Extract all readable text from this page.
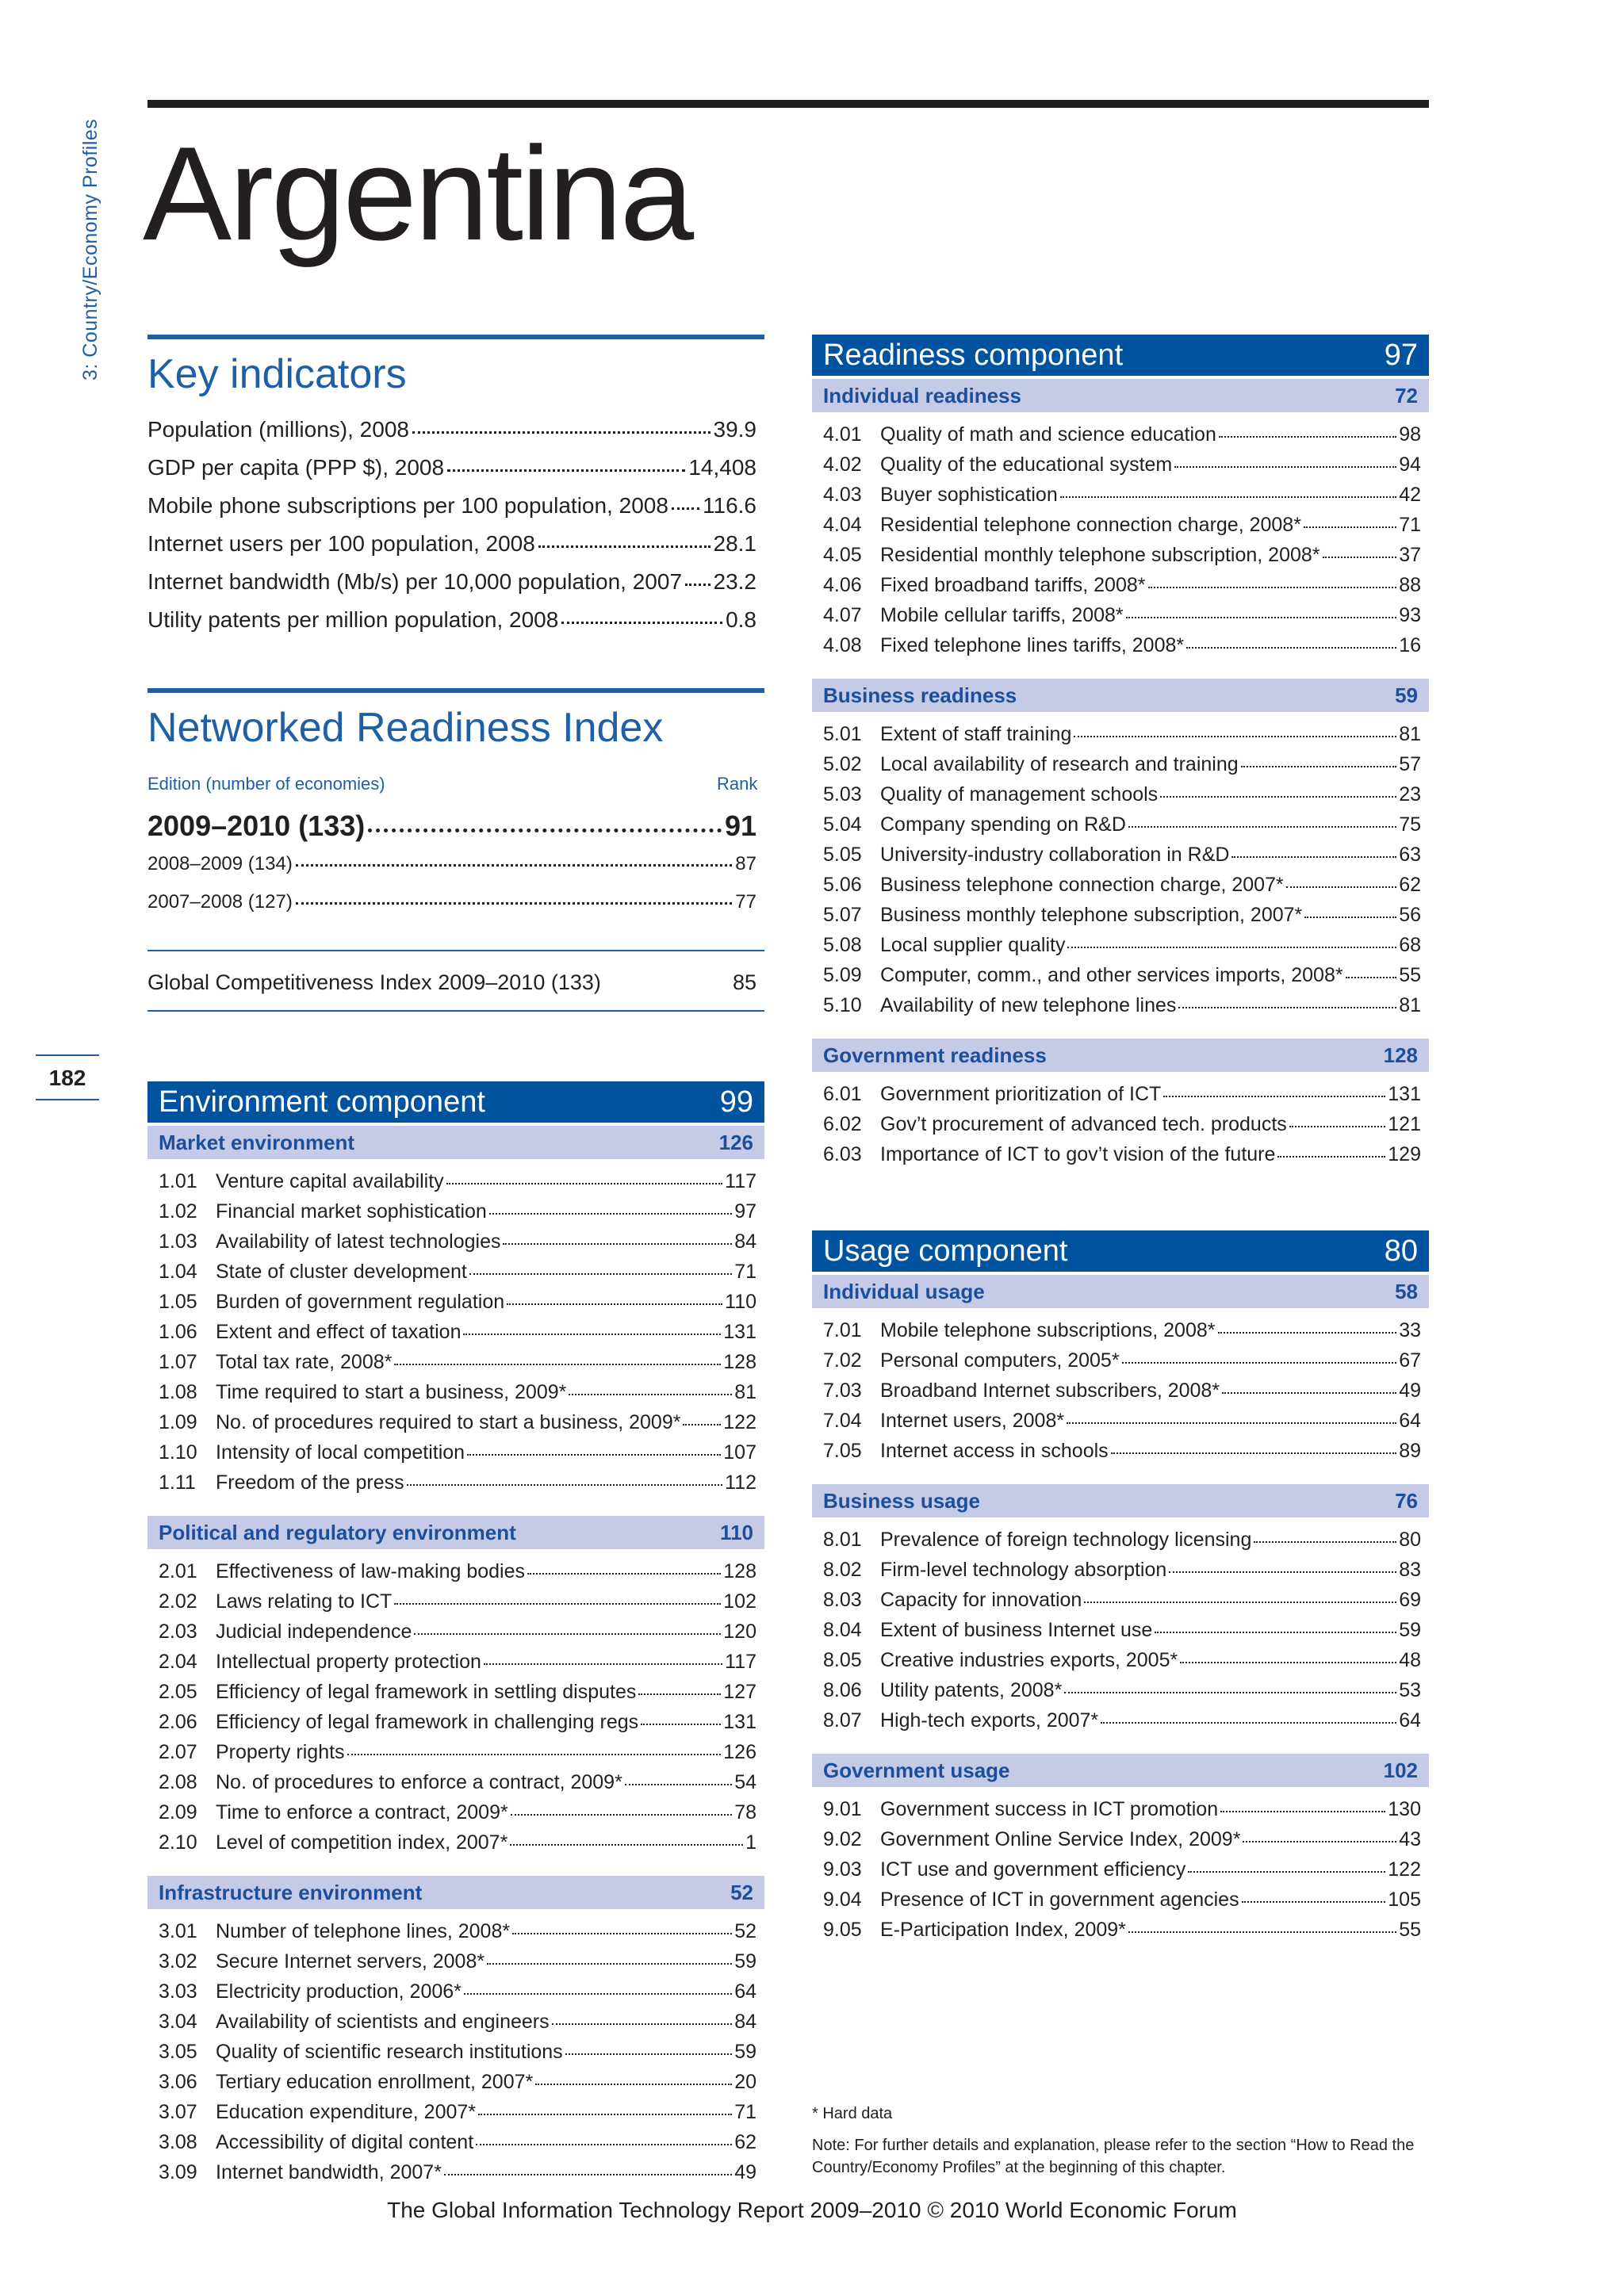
3: Country/Economy Profiles
182
Argentina
Key indicators
Population (millions), 2008	39.9
GDP per capita (PPP $), 2008	14,408
Mobile phone subscriptions per 100 population, 2008 116.6
Internet users per 100 population, 2008	28.1
Internet bandwidth (Mb/s) per 10,000 population, 2007 23.2
Utility patents per million population, 2008	0.8
Networked Readiness Index
Edition (number of economies)	Rank
2009–2010 (133)	91
2008–2009 (134)	87
2007–2008 (127)	77
Global Competitiveness Index 2009–2010 (133)	85
Environment component	99
Market environment	126
1.01 Venture capital availability	117
1.02 Financial market sophistication	97
1.03 Availability of latest technologies	84
1.04 State of cluster development	71
1.05 Burden of government regulation	110
1.06 Extent and effect of taxation	131
1.07 Total tax rate, 2008*	128
1.08 Time required to start a business, 2009*	81
1.09 No. of procedures required to start a business, 2009* 122
1.10 Intensity of local competition	107
1.11	Freedom of the press	112
Political and regulatory environment	110
2.01 Effectiveness of law-making bodies	128
2.02 Laws relating to ICT	102
2.03 Judicial independence	120
2.04 Intellectual property protection	117
2.05 Efficiency of legal framework in settling disputes	127
2.06 Efficiency of legal framework in challenging regs	131
2.07 Property rights	126
2.08 No. of procedures to enforce a contract, 2009*	54
2.09 Time to enforce a contract, 2009*	78
2.10 Level of competition index, 2007*	1
Infrastructure environment	52
3.01 Number of telephone lines, 2008*	52
3.02 Secure Internet servers, 2008*	59
3.03 Electricity production, 2006*	64
3.04 Availability of scientists and engineers	84
3.05 Quality of scientific research institutions	59
3.06 Tertiary education enrollment, 2007*	20
3.07 Education expenditure, 2007*	71
3.08 Accessibility of digital content	62
3.09 Internet bandwidth, 2007*	49
Readiness component	97
Individual readiness	72
4.01 Quality of math and science education	98
4.02 Quality of the educational system	94
4.03 Buyer sophistication	42
4.04 Residential telephone connection charge, 2008*	71
4.05 Residential monthly telephone subscription, 2008*	37
4.06 Fixed broadband tariffs, 2008*	88
4.07 Mobile cellular tariffs, 2008*	93
4.08 Fixed telephone lines tariffs, 2008*	16
Business readiness	59
5.01 Extent of staff training	81
5.02 Local availability of research and training	57
5.03 Quality of management schools	23
5.04 Company spending on R&D	75
5.05 University-industry collaboration in R&D	63
5.06 Business telephone connection charge, 2007*	62
5.07 Business monthly telephone subscription, 2007*	56
5.08 Local supplier quality	68
5.09 Computer, comm., and other services imports, 2008*	55
5.10 Availability of new telephone lines	81
Government readiness	128
6.01 Government prioritization of ICT	131
6.02 Gov’t procurement of advanced tech. products	121
6.03 Importance of ICT to gov’t vision of the future	129
Usage component	80
Individual usage	58
7.01 Mobile telephone subscriptions, 2008*	33
7.02 Personal computers, 2005*	67
7.03 Broadband Internet subscribers, 2008*	49
7.04 Internet users, 2008*	64
7.05 Internet access in schools	89
Business usage	76
8.01 Prevalence of foreign technology licensing	80
8.02 Firm-level technology absorption	83
8.03 Capacity for innovation	69
8.04 Extent of business Internet use	59
8.05 Creative industries exports, 2005*	48
8.06 Utility patents, 2008*	53
8.07 High-tech exports, 2007*	64
Government usage	102
9.01 Government success in ICT promotion	130
9.02 Government Online Service Index, 2009*	43
9.03 ICT use and government efficiency	122
9.04 Presence of ICT in government agencies	105
9.05 E-Participation Index, 2009*	55
* Hard data
Note: For further details and explanation, please refer to the section “How to Read the Country/Economy Profiles” at the beginning of this chapter.
The Global Information Technology Report 2009–2010 © 2010 World Economic Forum
